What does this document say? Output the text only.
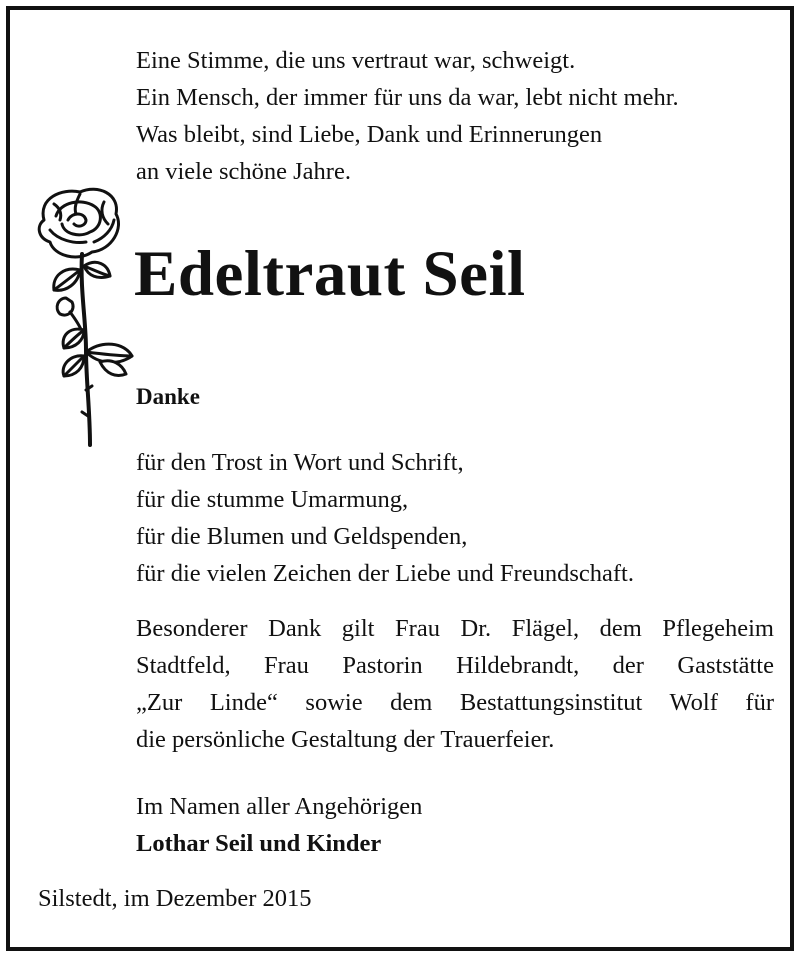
Eine Stimme, die uns vertraut war, schweigt.
Ein Mensch, der immer für uns da war, lebt nicht mehr.
Was bleibt, sind Liebe, Dank und Erinnerungen
an viele schöne Jahre.
Edeltraut Seil
Danke
für den Trost in Wort und Schrift,
für die stumme Umarmung,
für die Blumen und Geldspenden,
für die vielen Zeichen der Liebe und Freundschaft.
Besonderer Dank gilt Frau Dr. Flägel, dem Pflegeheim
Stadtfeld, Frau Pastorin Hildebrandt, der Gaststätte
„Zur Linde“ sowie dem Bestattungsinstitut Wolf für
die persönliche Gestaltung der Trauerfeier.
Im Namen aller Angehörigen
Lothar Seil und Kinder
Silstedt, im Dezember 2015
